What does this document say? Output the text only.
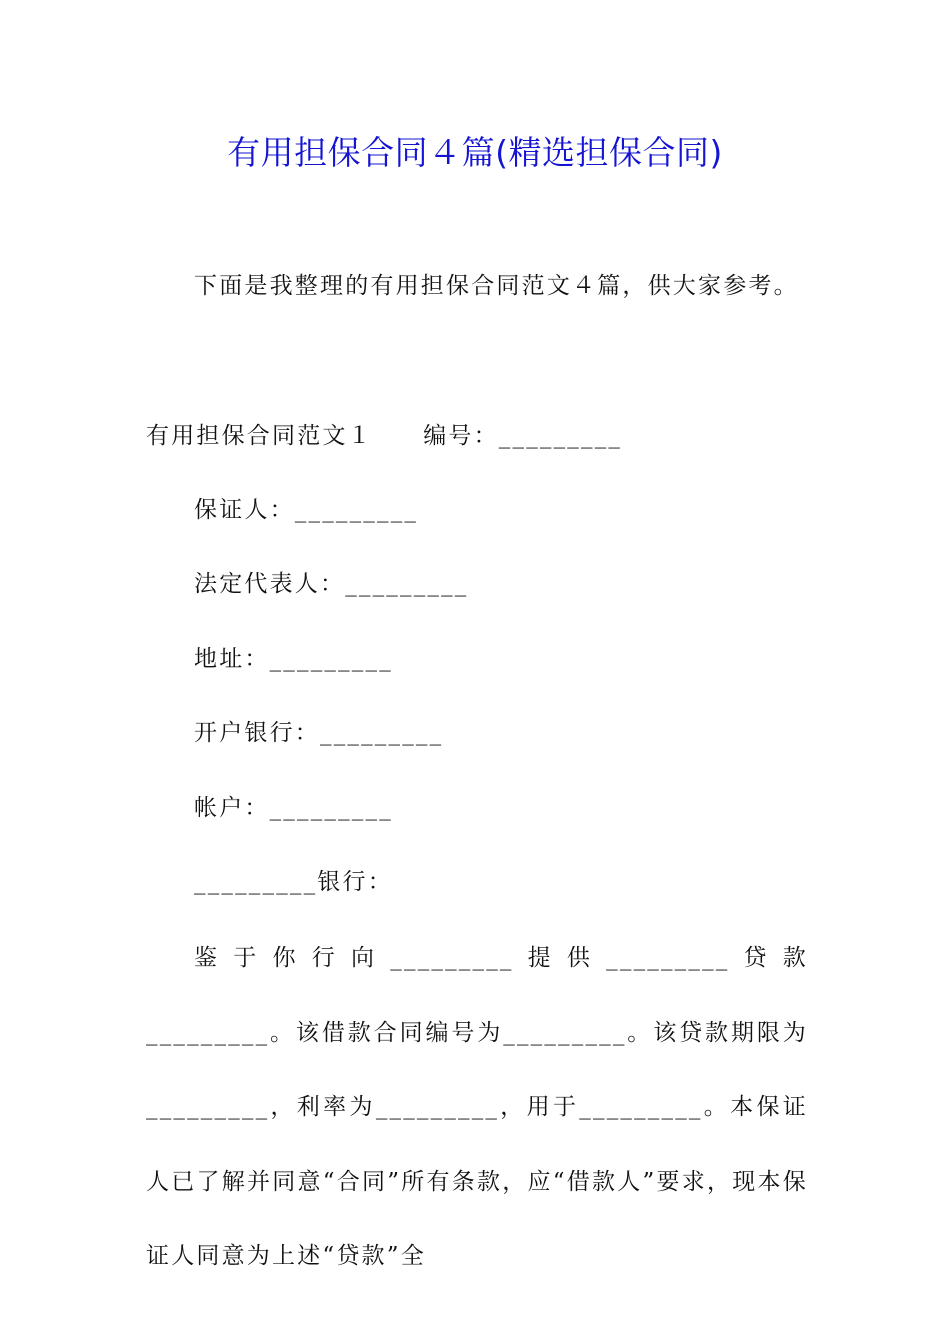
有用担保合同４篇(精选担保合同)

下面是我整理的有用担保合同范文４篇，供大家参考。

有用担保合同范文１　　编号：_________

保证人：_________

法定代表人：_________

地址：_________

开户银行：_________

帐户：_________

_________银行：

鉴于你行向_________提供_________贷款_________。该借款合同编号为_________。该贷款期限为_________，利率为_________，用于_________。本保证人已了解并同意“合同”所有条款，应“借款人”要求，现本保证人同意为上述“贷款”全
